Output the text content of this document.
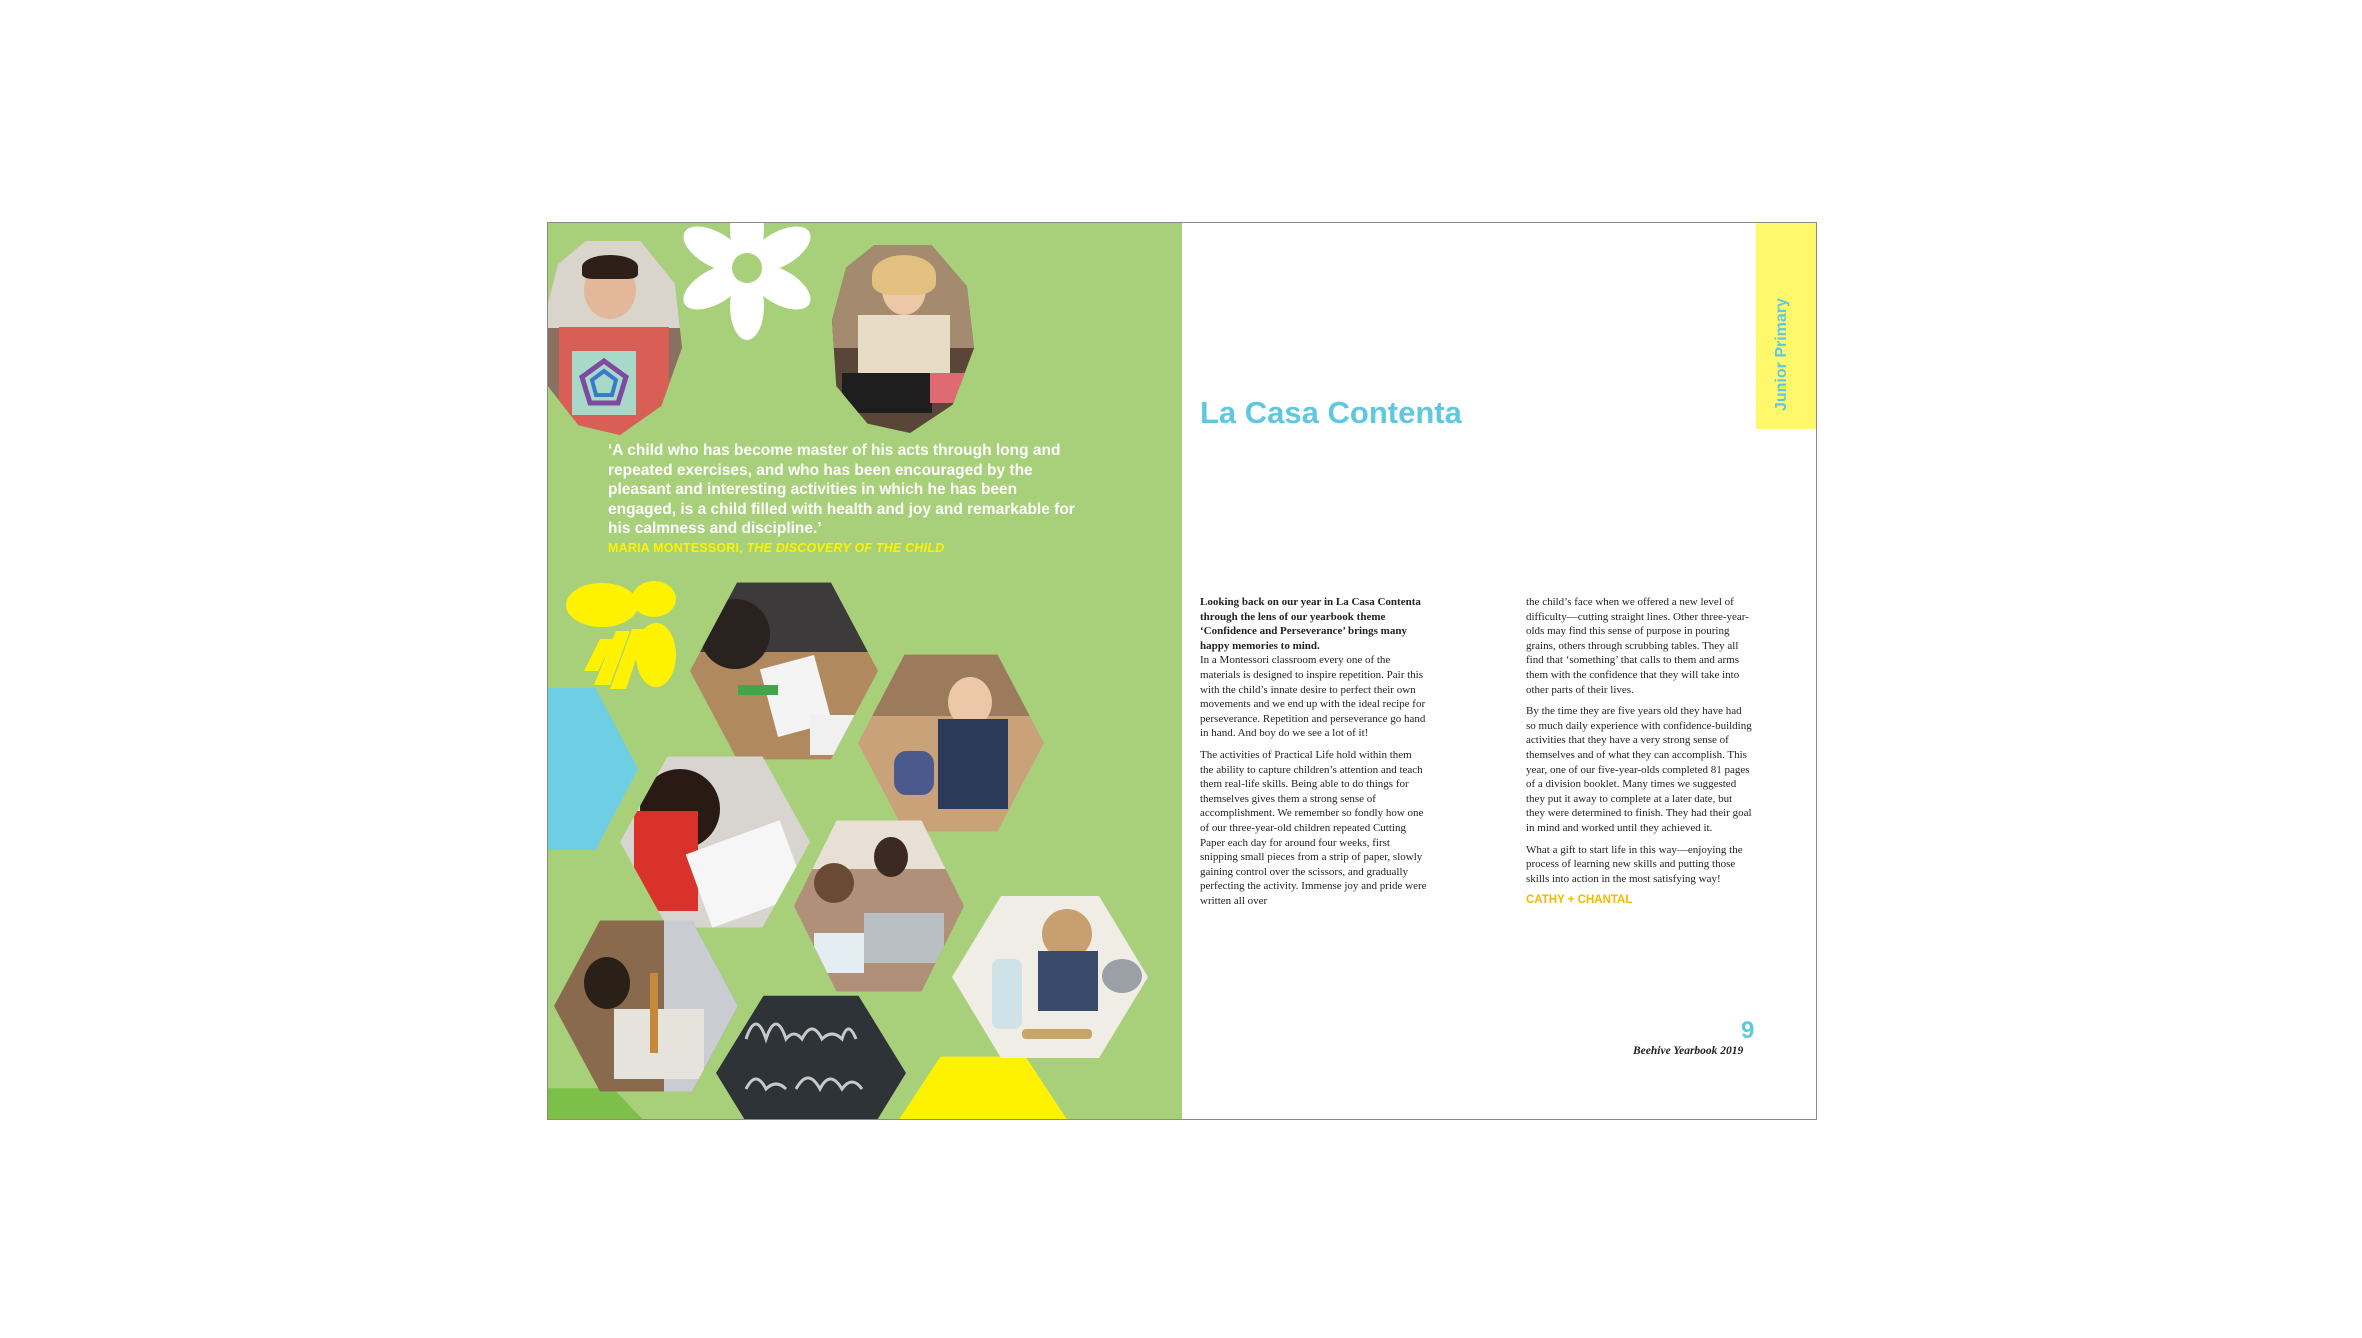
‘A child who has become master of his acts through long and repeated exercises, and who has been encouraged by the pleasant and interesting activities in which he has been engaged, is a child filled with health and joy and remarkable for his calmness and discipline.’
MARIA MONTESSORI, THE DISCOVERY OF THE CHILD
Junior Primary
La Casa Contenta
Looking back on our year in La Casa Contenta through the lens of our yearbook theme ‘Confidence and Perseverance’ brings many happy memories to mind.

In a Montessori classroom every one of the materials is designed to inspire repetition. Pair this with the child’s innate desire to perfect their own movements and we end up with the ideal recipe for perseverance. Repetition and perseverance go hand in hand. And boy do we see a lot of it!

The activities of Practical Life hold within them the ability to capture children’s attention and teach them real-life skills. Being able to do things for themselves gives them a strong sense of accomplishment. We remember so fondly how one of our three-year-old children repeated Cutting Paper each day for around four weeks, first snipping small pieces from a strip of paper, slowly gaining control over the scissors, and gradually perfecting the activity. Immense joy and pride were written all over

the child’s face when we offered a new level of difficulty—cutting straight lines. Other three-year-olds may find this sense of purpose in pouring grains, others through scrubbing tables. They all find that ‘something’ that calls to them and arms them with the confidence that they will take into other parts of their lives.

By the time they are five years old they have had so much daily experience with confidence-building activities that they have a very strong sense of themselves and of what they can accomplish. This year, one of our five-year-olds completed 81 pages of a division booklet. Many times we suggested they put it away to complete at a later date, but they were determined to finish. They had their goal in mind and worked until they achieved it.

What a gift to start life in this way—enjoying the process of learning new skills and putting those skills into action in the most satisfying way!

CATHY + CHANTAL
9
Beehive Yearbook 2019
